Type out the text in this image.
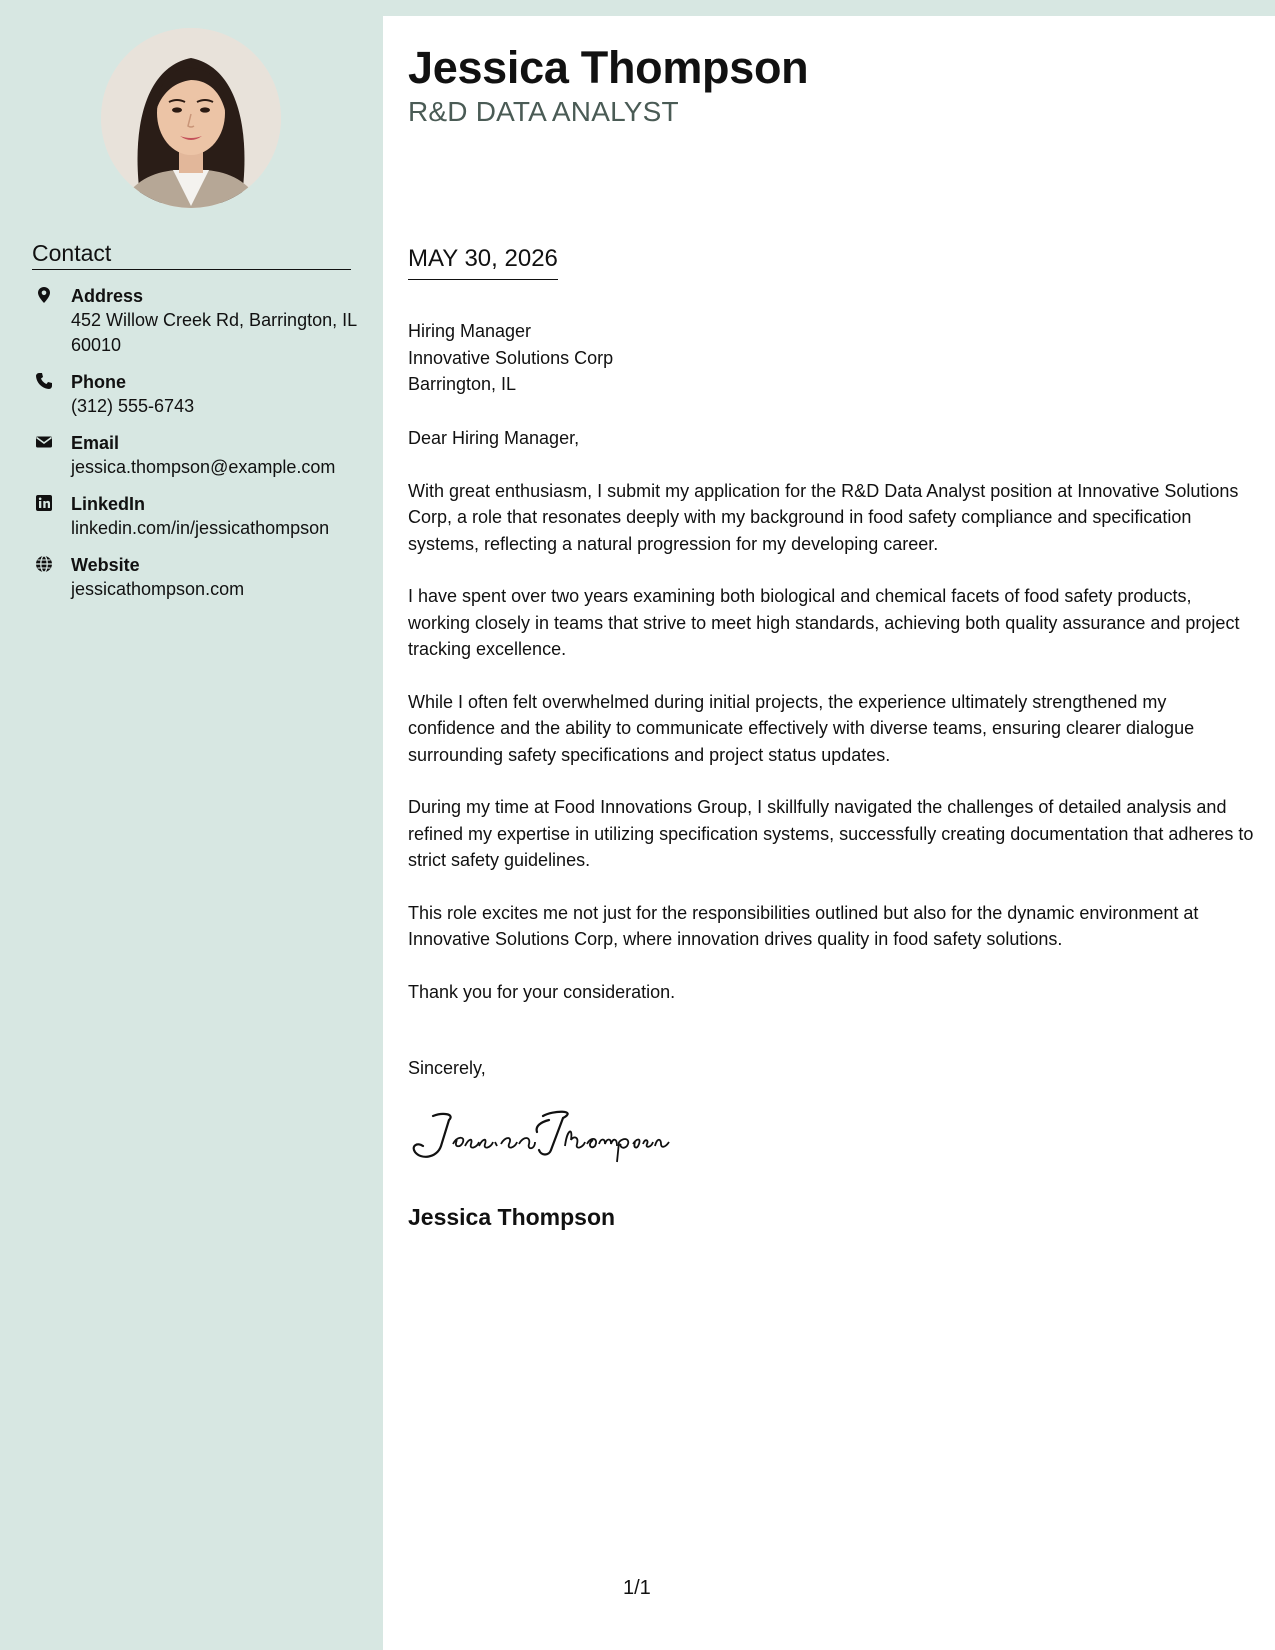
Contact
Address
452 Willow Creek Rd, Barrington, IL 60010
Phone
(312) 555-6743
Email
jessica.thompson@example.com
LinkedIn
linkedin.com/in/jessicathompson
Website
jessicathompson.com
Jessica Thompson
R&D DATA ANALYST
MAY 30, 2026
Hiring Manager
Innovative Solutions Corp
Barrington, IL

Dear Hiring Manager,

With great enthusiasm, I submit my application for the R&D Data Analyst position at Innovative Solutions Corp, a role that resonates deeply with my background in food safety compliance and specification systems, reflecting a natural progression for my developing career.

I have spent over two years examining both biological and chemical facets of food safety products, working closely in teams that strive to meet high standards, achieving both quality assurance and project tracking excellence.

While I often felt overwhelmed during initial projects, the experience ultimately strengthened my confidence and the ability to communicate effectively with diverse teams, ensuring clearer dialogue surrounding safety specifications and project status updates.

During my time at Food Innovations Group, I skillfully navigated the challenges of detailed analysis and refined my expertise in utilizing specification systems, successfully creating documentation that adheres to strict safety guidelines.

This role excites me not just for the responsibilities outlined but also for the dynamic environment at Innovative Solutions Corp, where innovation drives quality in food safety solutions.

Thank you for your consideration.

Sincerely,
Jessica Thompson
1/1
